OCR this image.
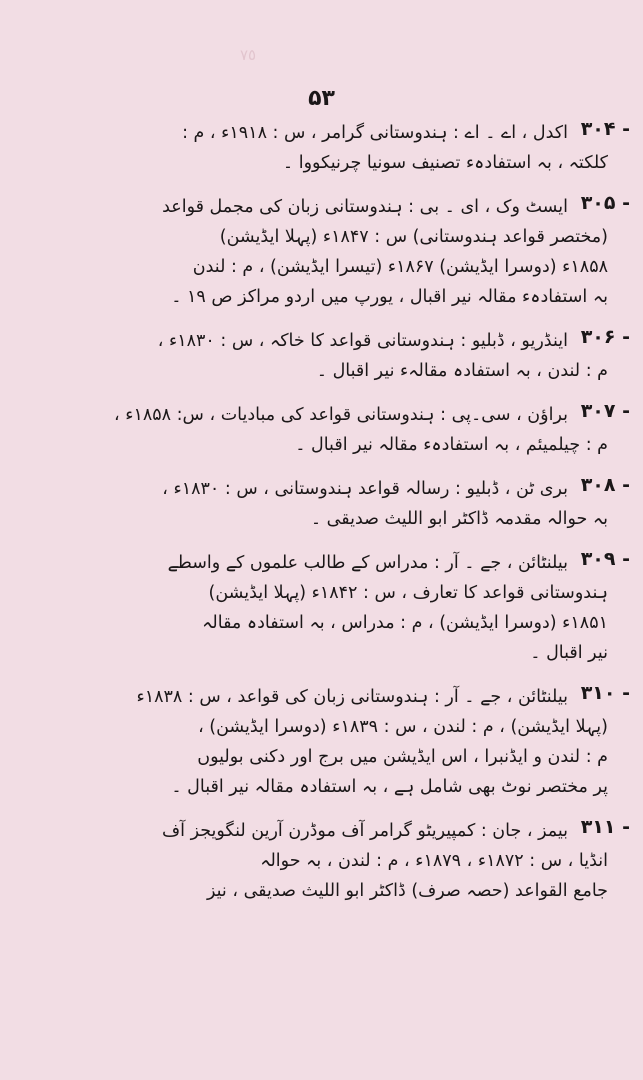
٧٥
۵۳
۳۰۴ -
اکدل ، اے ۔ اے : ہندوستانی گرامر ، س : ۱۹۱۸ء ، م :
کلکتہ ، بہ استفادہء تصنیف سونیا چرنیکووا ۔
۳۰۵ -
ایسٹ وک ، ای ۔ بی : ہندوستانی زبان کی مجمل قواعد
(مختصر قواعد ہندوستانی) س : ۱۸۴۷ء (پہلا ایڈیشن)
۱۸۵۸ء (دوسرا ایڈیشن) ۱۸۶۷ء (تیسرا ایڈیشن) ، م : لندن
بہ استفادہء مقالہ نیر اقبال ، یورپ میں اردو مراکز ص ۱۹ ۔
۳۰۶ -
اینڈریو ، ڈبلیو : ہندوستانی قواعد کا خاکہ ، س : ۱۸۳۰ء ،
م : لندن ، بہ استفادہ مقالہء نیر اقبال ۔
۳۰۷ -
براؤن ، سی۔پی : ہندوستانی قواعد کی مبادیات ، س: ۱۸۵۸ء ،
م : چیلمیئم ، بہ استفادہء مقالہ نیر اقبال ۔
۳۰۸ -
بری ٹن ، ڈبلیو : رسالہ قواعد ہندوستانی ، س : ۱۸۳۰ء ،
بہ حوالہ مقدمہ ڈاکٹر ابو اللیث صدیقی ۔
۳۰۹ -
بیلنٹائن ، جے ۔ آر : مدراس کے طالب علموں کے واسطے
ہندوستانی قواعد کا تعارف ، س : ۱۸۴۲ء (پہلا ایڈیشن)
۱۸۵۱ء (دوسرا ایڈیشن) ، م : مدراس ، بہ استفادہ مقالہ
نیر اقبال ۔
۳۱۰ -
بیلنٹائن ، جے ۔ آر : ہندوستانی زبان کی قواعد ، س : ۱۸۳۸ء
(پہلا ایڈیشن) ، م : لندن ، س : ۱۸۳۹ء (دوسرا ایڈیشن) ،
م : لندن و ایڈنبرا ، اس ایڈیشن میں برج اور دکنی بولیوں
پر مختصر نوٹ بھی شامل ہے ، بہ استفادہ مقالہ نیر اقبال ۔
۳۱۱ -
بیمز ، جان : کمپیریٹو گرامر آف موڈرن آرین لنگویجز آف
انڈیا ، س : ۱۸۷۲ء ، ۱۸۷۹ء ، م : لندن ، بہ حوالہ
جامع القواعد (حصہ صرف) ڈاکٹر ابو اللیث صدیقی ، نیز
